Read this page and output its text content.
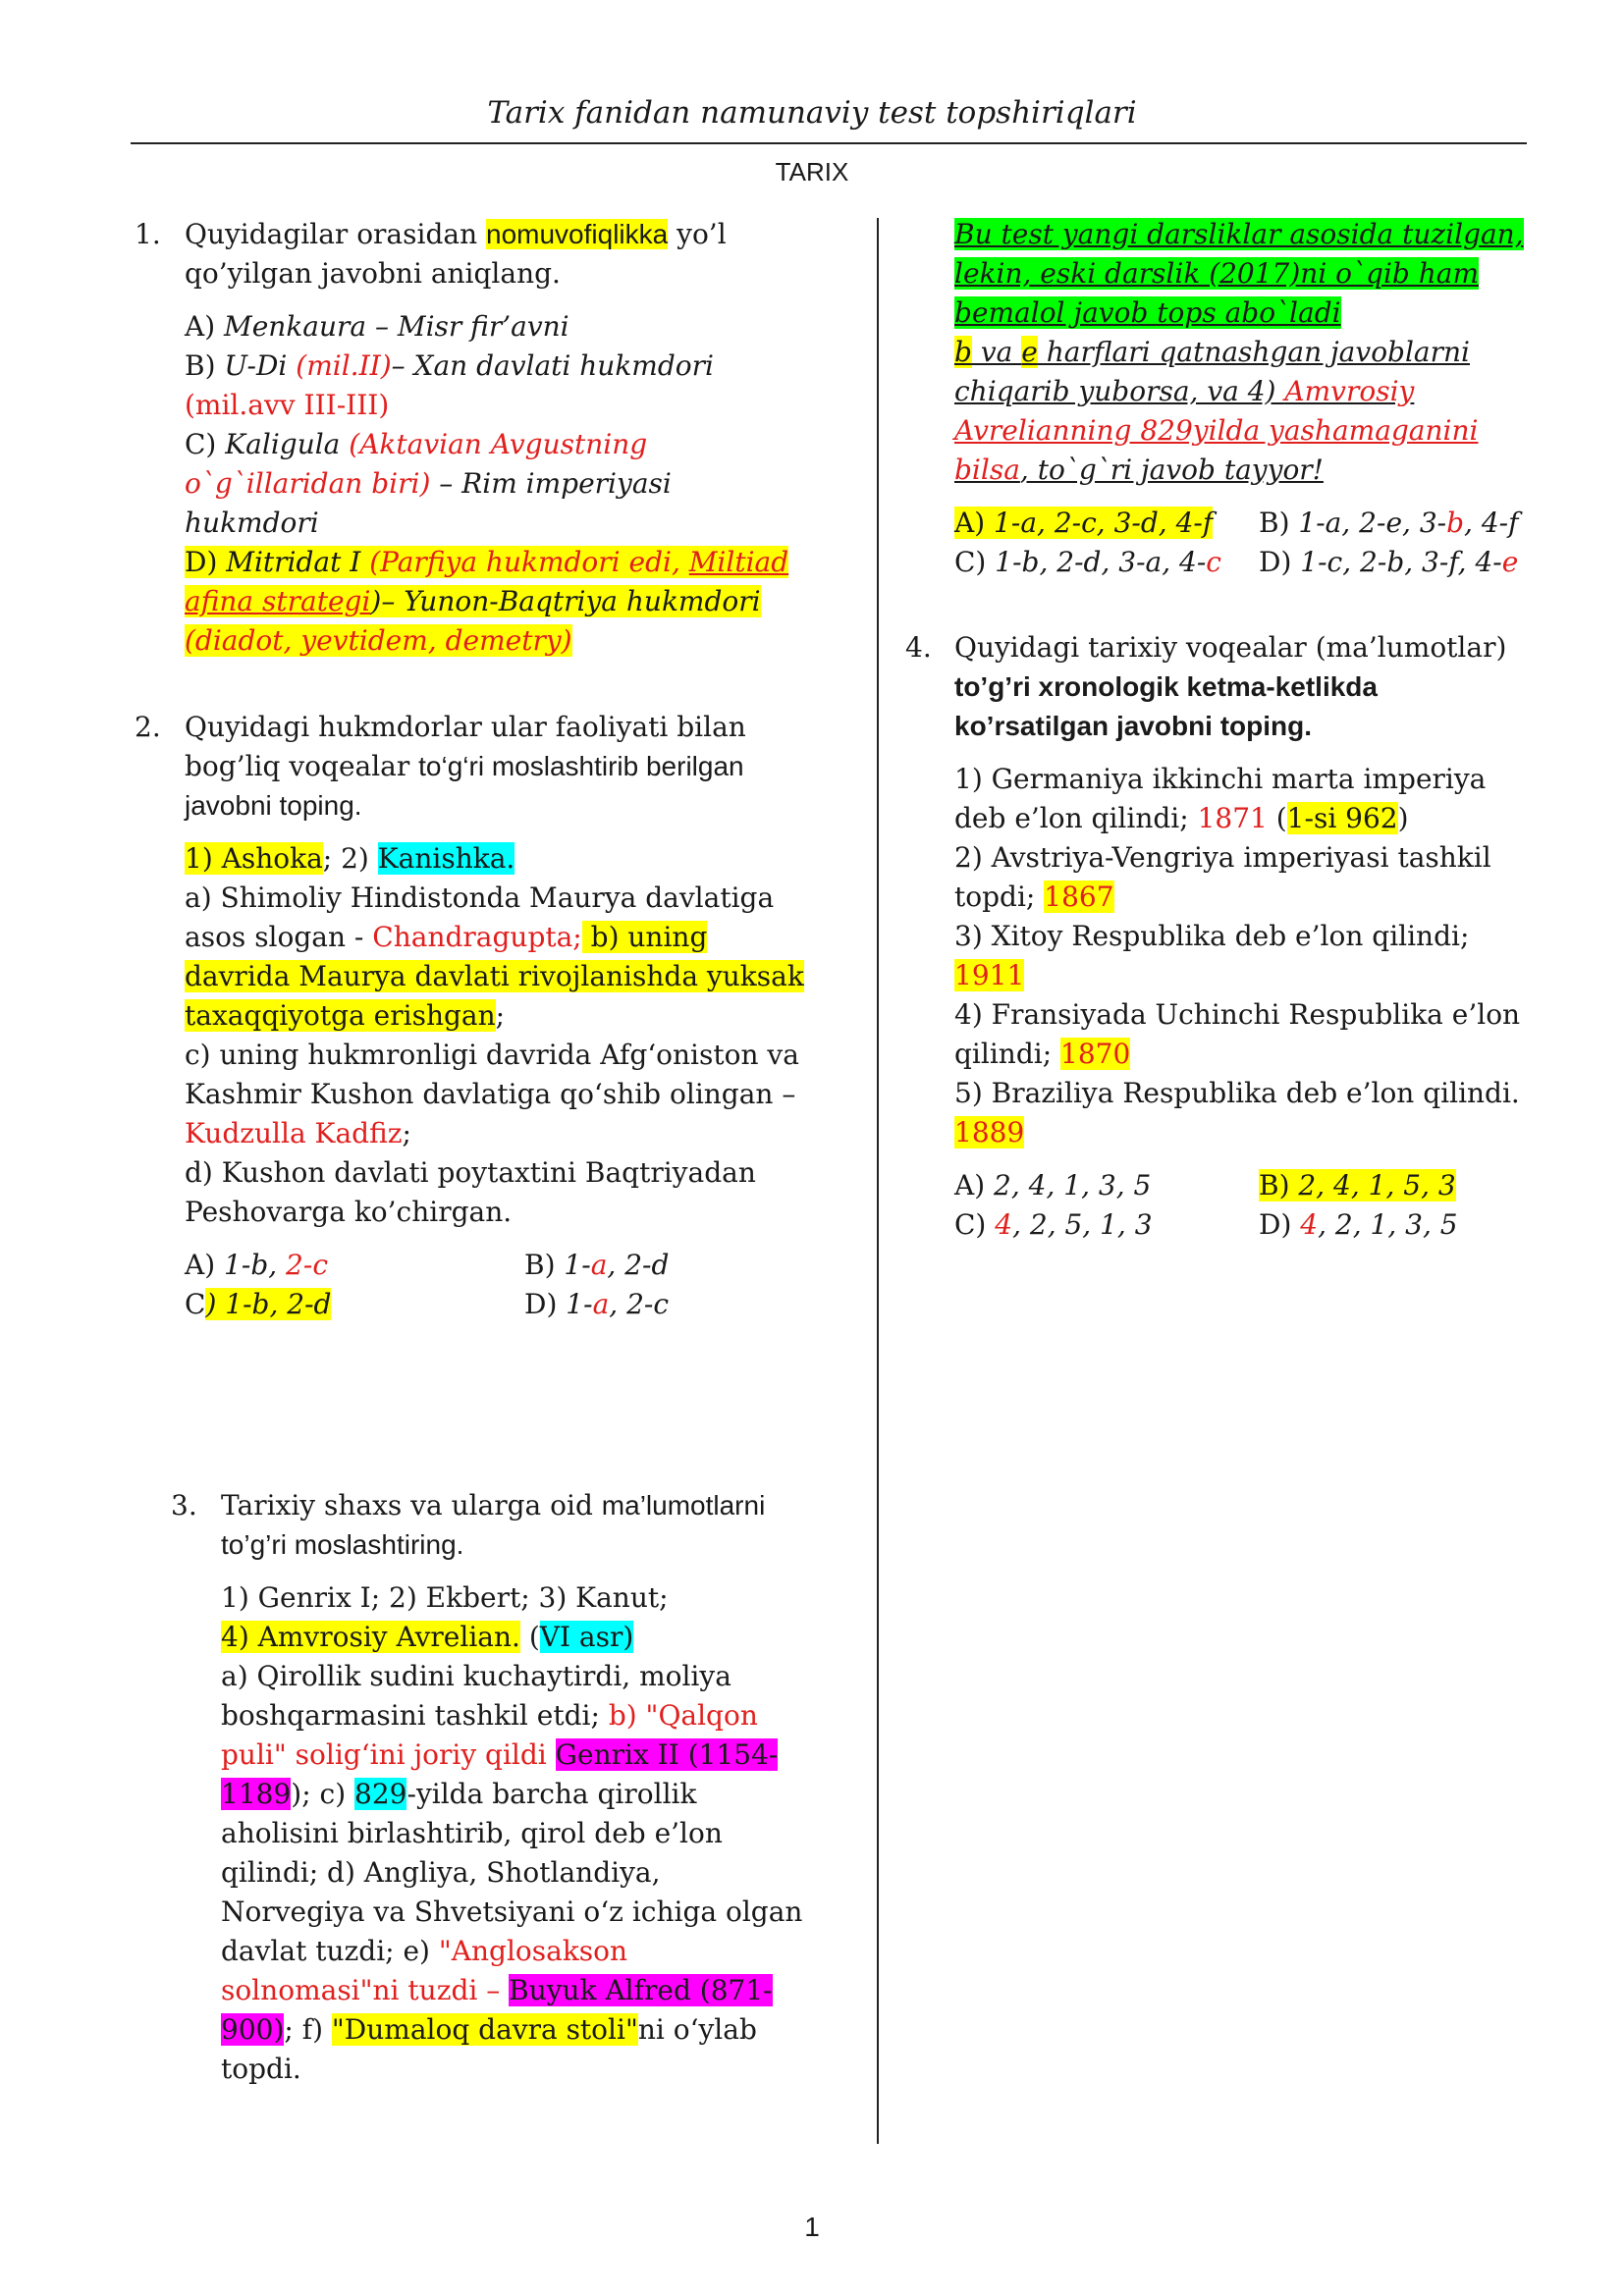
Tarix fanidan namunaviy test topshiriqlari
TARIX
1. Quyidagilar orasidan nomuvofiqlikka yo’l
qo’yilgan javobni aniqlang.
A) Menkaura – Misr fir’avni
B) U-Di (mil.II)– Xan davlati hukmdori
(mil.avv III-III)
C) Kaligula (Aktavian Avgustning
o`g`illaridan biri) – Rim imperiyasi
hukmdori
D) Mitridat I (Parfiya hukmdori edi, Miltiad
afina strategi)– Yunon-Baqtriya hukmdori
(diadot, yevtidem, demetry)
2. Quyidagi hukmdorlar ular faoliyati bilan
bog’liq voqealar to‘g‘ri moslashtirib berilgan
javobni toping.
1) Ashoka; 2) Kanishka.
a) Shimoliy Hindistonda Maurya davlatiga
asos slogan - Chandragupta; b) uning
davrida Maurya davlati rivojlanishda yuksak
taxaqqiyotga erishgan;
c) uning hukmronligi davrida Afg‘oniston va
Kashmir Kushon davlatiga qo‘shib olingan –
Kudzulla Kadfiz;
d) Kushon davlati poytaxtini Baqtriyadan
Peshovarga ko’chirgan.
A) 1-b, 2-c	B) 1-a, 2-d
C) 1-b, 2-d	D) 1-a, 2-c
3. Tarixiy shaxs va ularga oid ma’lumotlarni
to’g’ri moslashtiring.
1) Genrix I; 2) Ekbert; 3) Kanut;
4) Amvrosiy Avrelian. (VI asr)
a) Qirollik sudini kuchaytirdi, moliya
boshqarmasini tashkil etdi; b) "Qalqon
puli" solig‘ini joriy qildi Genrix II (1154-
1189); c) 829-yilda barcha qirollik
aholisini birlashtirib, qirol deb e’lon
qilindi; d) Angliya, Shotlandiya,
Norvegiya va Shvetsiyani o‘z ichiga olgan
davlat tuzdi; e) "Anglosakson
solnomasi"ni tuzdi – Buyuk Alfred (871-
900); f) "Dumaloq davra stoli"ni o‘ylab
topdi.
Bu test yangi darsliklar asosida tuzilgan,
lekin, eski darslik (2017)ni o`qib ham
bemalol javob tops abo`ladi
b va e harflari qatnashgan javoblarni
chiqarib yuborsa, va 4) Amvrosiy
Avrelianning 829yilda yashamaganini
bilsa, to`g`ri javob tayyor!
A) 1-a, 2-c, 3-d, 4-f B) 1-a, 2-e, 3-b, 4-f
C) 1-b, 2-d, 3-a, 4-c D) 1-c, 2-b, 3-f, 4-e
4. Quyidagi tarixiy voqealar (ma’lumotlar)
to’g’ri xronologik ketma-ketlikda
ko’rsatilgan javobni toping.
1) Germaniya ikkinchi marta imperiya
deb e’lon qilindi; 1871 (1-si 962)
2) Avstriya-Vengriya imperiyasi tashkil
topdi; 1867
3) Xitoy Respublika deb e’lon qilindi;
1911
4) Fransiyada Uchinchi Respublika e’lon
qilindi; 1870
5) Braziliya Respublika deb e’lon qilindi.
1889
A) 2, 4, 1, 3, 5	B) 2, 4, 1, 5, 3
C) 4, 2, 5, 1, 3	D) 4, 2, 1, 3, 5
1
